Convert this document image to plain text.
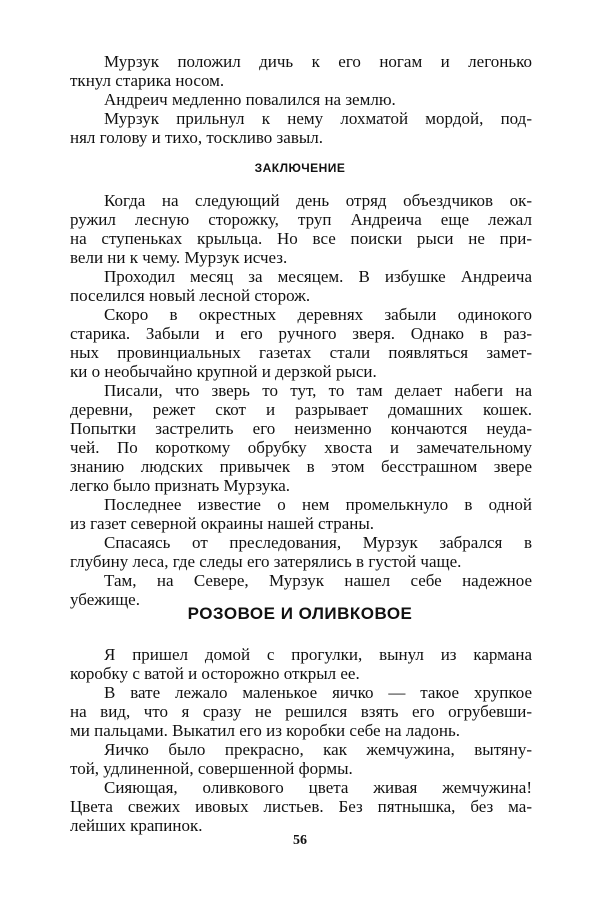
Мурзук положил дичь к его ногам и легонько
ткнул старика носом.
Андреич медленно повалился на землю.
Мурзук прильнул к нему лохматой мордой, под-
нял голову и тихо, тоскливо завыл.
ЗАКЛЮЧЕНИЕ
Когда на следующий день отряд объездчиков ок-
ружил лесную сторожку, труп Андреича еще лежал
на ступеньках крыльца. Но все поиски рыси не при-
вели ни к чему. Мурзук исчез.
Проходил месяц за месяцем. В избушке Андреича
поселился новый лесной сторож.
Скоро в окрестных деревнях забыли одинокого
старика. Забыли и его ручного зверя. Однако в раз-
ных провинциальных газетах стали появляться замет-
ки о необычайно крупной и дерзкой рыси.
Писали, что зверь то тут, то там делает набеги на
деревни, режет скот и разрывает домашних кошек.
Попытки застрелить его неизменно кончаются неуда-
чей. По короткому обрубку хвоста и замечательному
знанию людских привычек в этом бесстрашном звере
легко было признать Мурзука.
Последнее известие о нем промелькнуло в одной
из газет северной окраины нашей страны.
Спасаясь от преследования, Мурзук забрался в
глубину леса, где следы его затерялись в густой чаще.
Там, на Севере, Мурзук нашел себе надежное
убежище.
РОЗОВОЕ И ОЛИВКОВОЕ
Я пришел домой с прогулки, вынул из кармана
коробку с ватой и осторожно открыл ее.
В вате лежало маленькое яичко — такое хрупкое
на вид, что я сразу не решился взять его огрубевши-
ми пальцами. Выкатил его из коробки себе на ладонь.
Яичко было прекрасно, как жемчужина, вытяну-
той, удлиненной, совершенной формы.
Сияющая, оливкового цвета живая жемчужина!
Цвета свежих ивовых листьев. Без пятнышка, без ма-
лейших крапинок.
56
